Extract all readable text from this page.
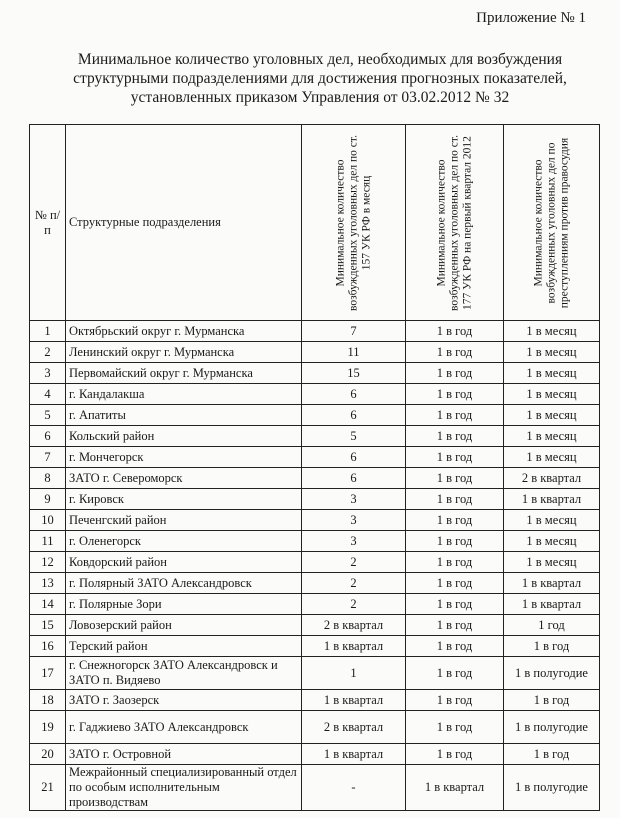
Приложение № 1
Минимальное количество уголовных дел, необходимых для возбуждения
структурными подразделениями для достижения прогнозных показателей,
установленных приказом Управления от 03.02.2012 № 32
№ п/п	Структурные подразделения	Минимальное количество возбужденных уголовных дел по ст. 157 УК РФ в месяц	Минимальное количество возбужденных уголовных дел по ст. 177 УК РФ на первый квартал 2012	Минимальное количество возбужденных уголовных дел по преступлениям против правосудия

1	Октябрьский округ г. Мурманска	7	1 в год	1 в месяц
2	Ленинский округ г. Мурманска	11	1 в год	1 в месяц
3	Первомайский округ г. Мурманска	15	1 в год	1 в месяц
4	г. Кандалакша	6	1 в год	1 в месяц
5	г. Апатиты	6	1 в год	1 в месяц
6	Кольский район	5	1 в год	1 в месяц
7	г. Мончегорск	6	1 в год	1 в месяц
8	ЗАТО г. Североморск	6	1 в год	2 в квартал
9	г. Кировск	3	1 в год	1 в квартал
10	Печенгский район	3	1 в год	1 в месяц
11	г. Оленегорск	3	1 в год	1 в месяц
12	Ковдорский район	2	1 в год	1 в месяц
13	г. Полярный ЗАТО Александровск	2	1 в год	1 в квартал
14	г. Полярные Зори	2	1 в год	1 в квартал
15	Ловозерский район	2 в квартал	1 в год	1 год
16	Терский район	1 в квартал	1 в год	1 в год
17	г. Снежногорск ЗАТО Александровск и ЗАТО п. Видяево	1	1 в год	1 в полугодие
18	ЗАТО г. Заозерск	1 в квартал	1 в год	1 в год
19	г. Гаджиево ЗАТО Александровск	2 в квартал	1 в год	1 в полугодие
20	ЗАТО г. Островной	1 в квартал	1 в год	1 в год
21	Межрайонный специализированный отдел по особым исполнительным производствам	-	1 в квартал	1 в полугодие
